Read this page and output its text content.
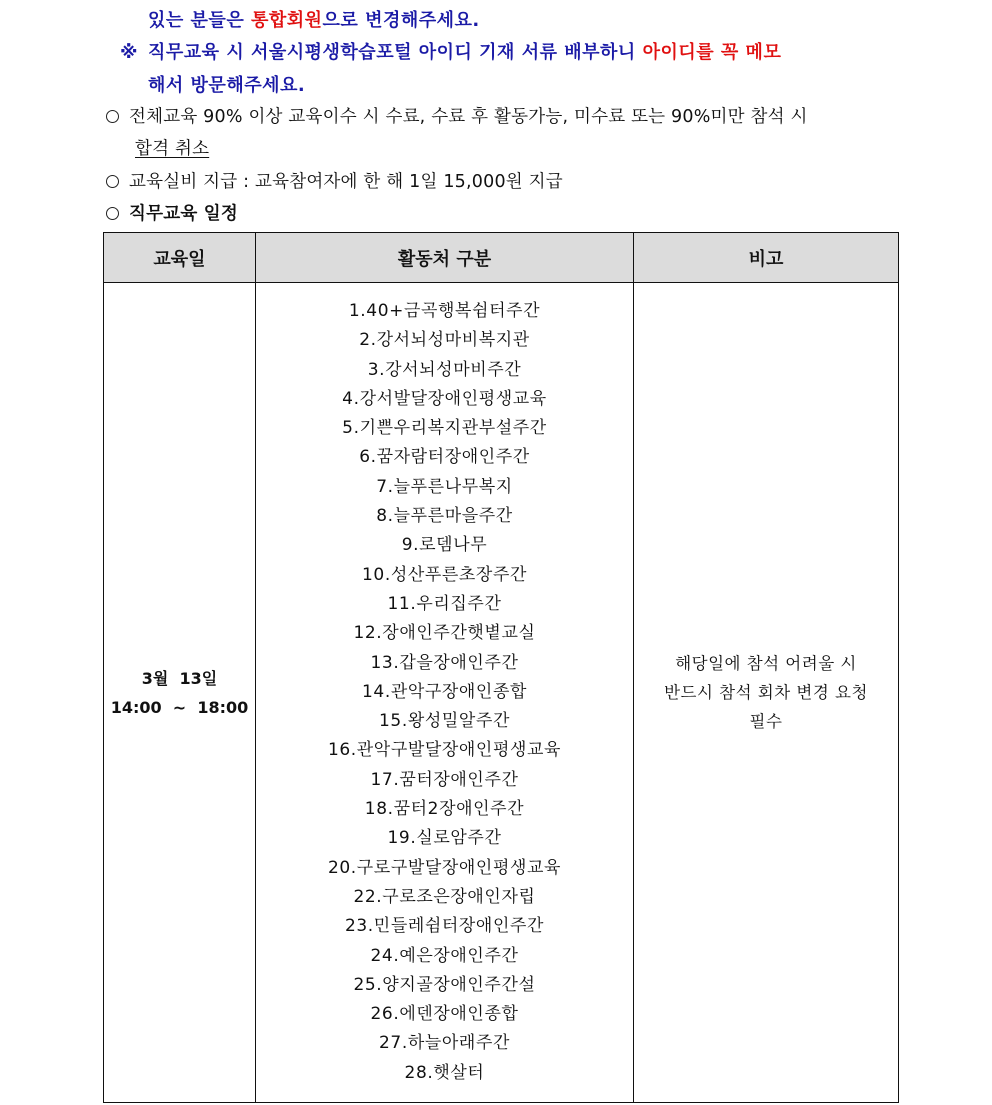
있는 분들은 통합회원으로 변경해주세요.
※ 직무교육 시 서울시평생학습포털 아이디 기재 서류 배부하니 아이디를 꼭 메모
해서 방문해주세요.
전체교육 90% 이상 교육이수 시 수료, 수료 후 활동가능, 미수료 또는 90%미만 참석 시
합격 취소
교육실비 지급 : 교육참여자에 한 해 1일 15,000원 지급
직무교육 일정
교육일	활동처 구분	비고

3월  13일
14:00  ~  18:00

1.40+금곡행복쉼터주간
2.강서뇌성마비복지관
3.강서뇌성마비주간
4.강서발달장애인평생교육
5.기쁜우리복지관부설주간
6.꿈자람터장애인주간
7.늘푸른나무복지
8.늘푸른마을주간
9.로뎀나무
10.성산푸른초장주간
11.우리집주간
12.장애인주간햇볕교실
13.갑을장애인주간
14.관악구장애인종합
15.왕성밀알주간
16.관악구발달장애인평생교육
17.꿈터장애인주간
18.꿈터2장애인주간
19.실로암주간
20.구로구발달장애인평생교육
22.구로조은장애인자립
23.민들레쉼터장애인주간
24.예은장애인주간
25.양지골장애인주간설
26.에덴장애인종합
27.하늘아래주간
28.햇살터

해당일에 참석 어려울 시
반드시 참석 회차 변경 요청
필수
